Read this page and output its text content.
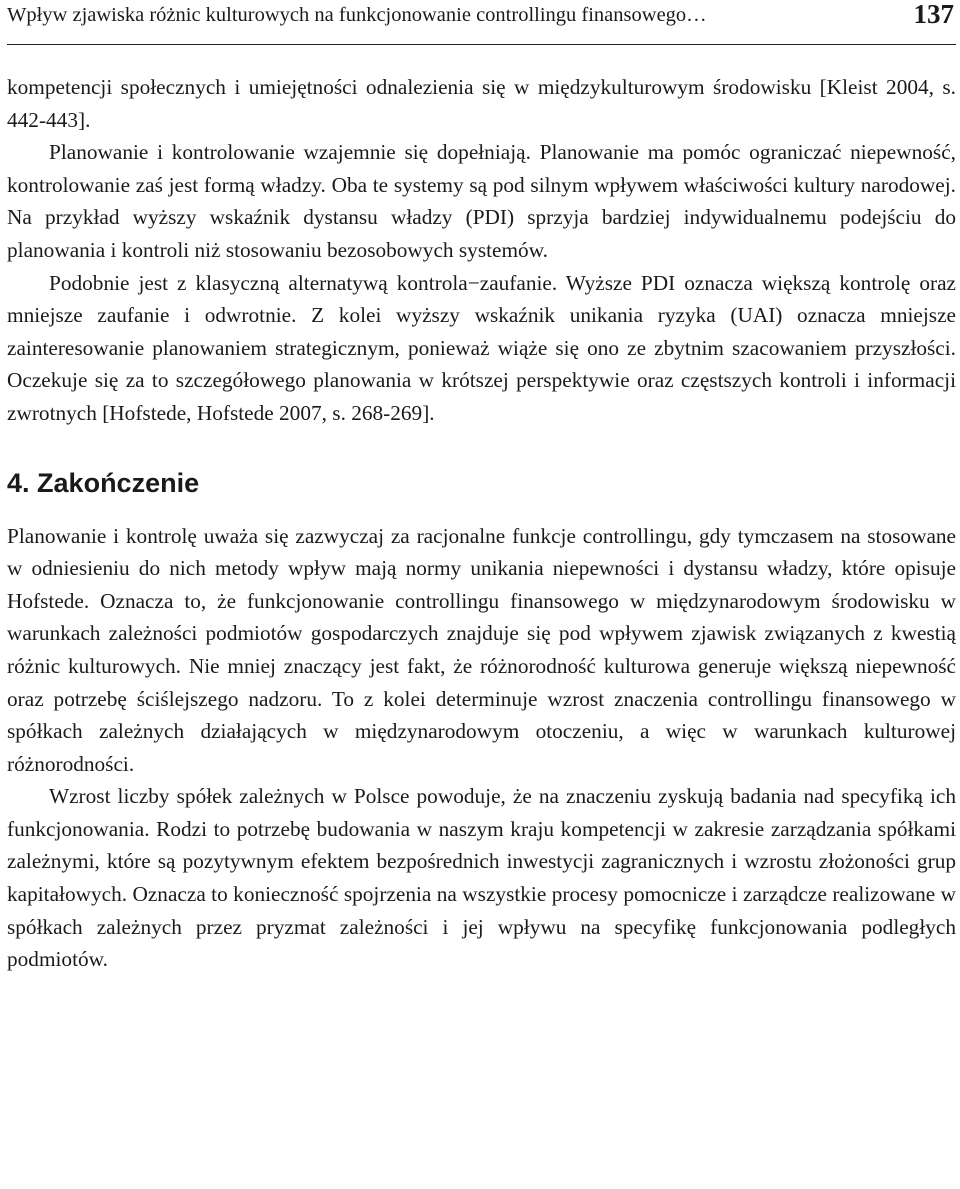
Wpływ zjawiska różnic kulturowych na funkcjonowanie controllingu finansowego…	137

kompetencji społecznych i umiejętności odnalezienia się w międzykulturowym środowisku [Kleist 2004, s. 442-443].

Planowanie i kontrolowanie wzajemnie się dopełniają. Planowanie ma pomóc ograniczać niepewność, kontrolowanie zaś jest formą władzy. Oba te systemy są pod silnym wpływem właściwości kultury narodowej. Na przykład wyższy wskaźnik dystansu władzy (PDI) sprzyja bardziej indywidualnemu podejściu do planowania i kontroli niż stosowaniu bezosobowych systemów.

Podobnie jest z klasyczną alternatywą kontrola−zaufanie. Wyższe PDI oznacza większą kontrolę oraz mniejsze zaufanie i odwrotnie. Z kolei wyższy wskaźnik unikania ryzyka (UAI) oznacza mniejsze zainteresowanie planowaniem strategicznym, ponieważ wiąże się ono ze zbytnim szacowaniem przyszłości. Oczekuje się za to szczegółowego planowania w krótszej perspektywie oraz częstszych kontroli i informacji zwrotnych [Hofstede, Hofstede 2007, s. 268-269].

4. Zakończenie

Planowanie i kontrolę uważa się zazwyczaj za racjonalne funkcje controllingu, gdy tymczasem na stosowane w odniesieniu do nich metody wpływ mają normy unikania niepewności i dystansu władzy, które opisuje Hofstede. Oznacza to, że funkcjonowanie controllingu finansowego w międzynarodowym środowisku w warunkach zależności podmiotów gospodarczych znajduje się pod wpływem zjawisk związanych z kwestią różnic kulturowych. Nie mniej znaczący jest fakt, że różnorodność kulturowa generuje większą niepewność oraz potrzebę ściślejszego nadzoru. To z kolei determinuje wzrost znaczenia controllingu finansowego w spółkach zależnych działających w międzynarodowym otoczeniu, a więc w warunkach kulturowej różnorodności.

Wzrost liczby spółek zależnych w Polsce powoduje, że na znaczeniu zyskują badania nad specyfiką ich funkcjonowania. Rodzi to potrzebę budowania w naszym kraju kompetencji w zakresie zarządzania spółkami zależnymi, które są pozytywnym efektem bezpośrednich inwestycji zagranicznych i wzrostu złożoności grup kapitałowych. Oznacza to konieczność spojrzenia na wszystkie procesy pomocnicze i zarządcze realizowane w spółkach zależnych przez pryzmat zależności i jej wpływu na specyfikę funkcjonowania podległych podmiotów.
